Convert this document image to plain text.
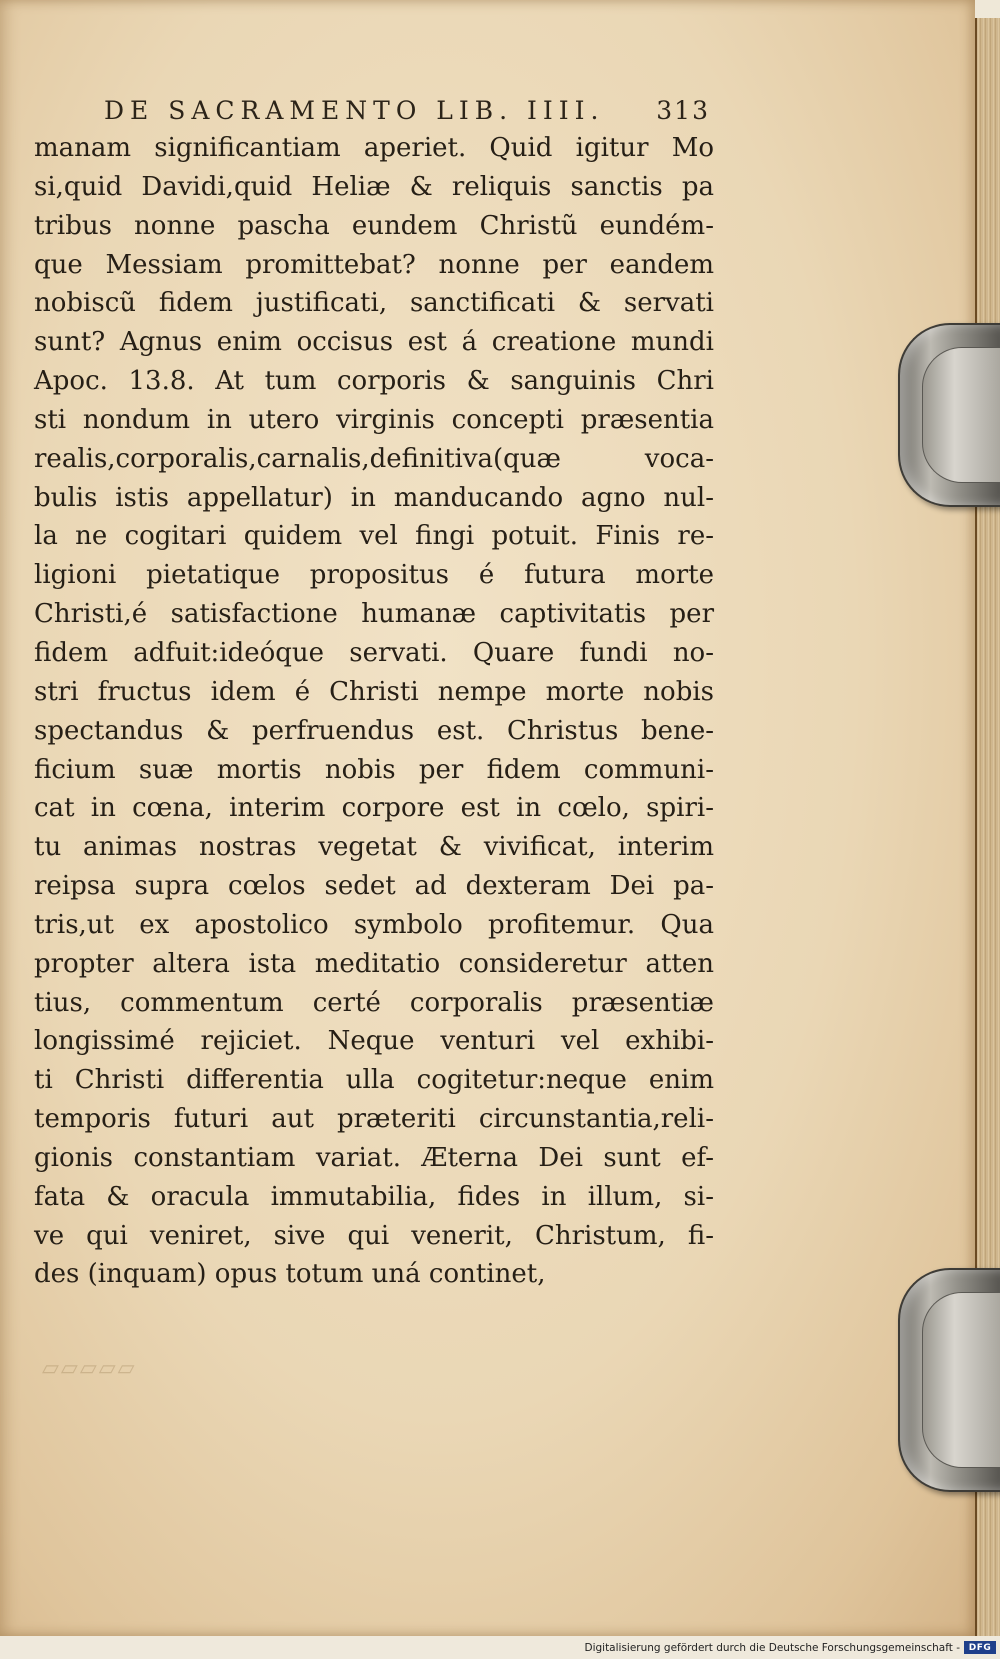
DE SACRAMENTO LIB. IIII. 313
manam significantiam aperiet. Quid igitur Mo
si,quid Davidi,quid Heliæ & reliquis sanctis pa
tribus nonne pascha eundem Christũ eundém-
que Messiam promittebat? nonne per eandem
nobiscũ fidem justificati, sanctificati & servati
sunt? Agnus enim occisus est á creatione mundi
Apoc. 13.8. At tum corporis & sanguinis Chri
sti nondum in utero virginis concepti præsentia
realis,corporalis,carnalis,definitiva(quæ voca-
bulis istis appellatur) in manducando agno nul-
la ne cogitari quidem vel fingi potuit. Finis re-
ligioni pietatique propositus é futura morte
Christi,é satisfactione humanæ captivitatis per
fidem adfuit:ideóque servati. Quare fundi no-
stri fructus idem é Christi nempe morte nobis
spectandus & perfruendus est. Christus bene-
ficium suæ mortis nobis per fidem communi-
cat in cœna, interim corpore est in cœlo, spiri-
tu animas nostras vegetat & vivificat, interim
reipsa supra cœlos sedet ad dexteram Dei pa-
tris,ut ex apostolico symbolo profitemur. Qua
propter altera ista meditatio consideretur atten
tius, commentum certé corporalis præsentiæ
longissimé rejiciet. Neque venturi vel exhibi-
ti Christi differentia ulla cogitetur:neque enim
temporis futuri aut præteriti circunstantia,reli-
gionis constantiam variat. Æterna Dei sunt ef-
fata & oracula immutabilia, fides in illum, si-
ve qui veniret, sive qui venerit, Christum, fi-
des (inquam) opus totum uná continet,
▱▱▱▱▱
Digitalisierung gefördert durch die Deutsche Forschungsgemeinschaft - DFG
